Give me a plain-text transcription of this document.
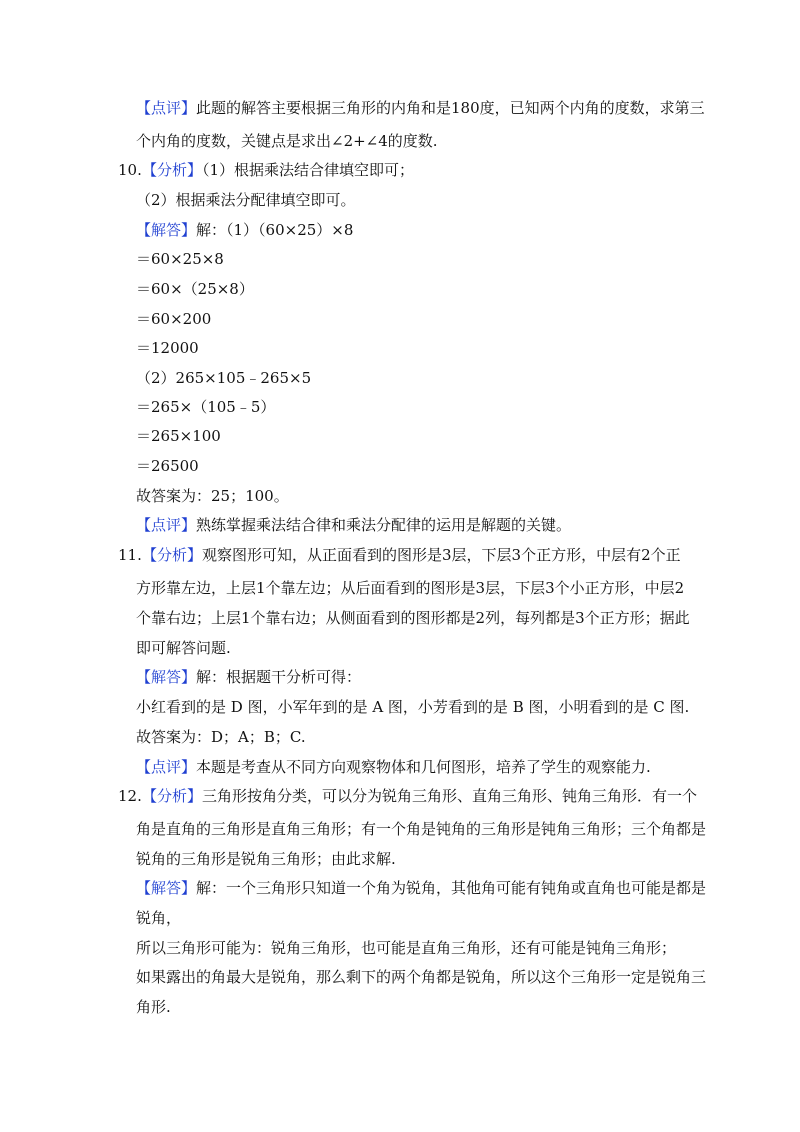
【点评】此题的解答主要根据三角形的内角和是180度，已知两个内角的度数，求第三
个内角的度数，关键点是求出∠2+∠4的度数.
10. 【分析】（1）根据乘法结合律填空即可；
（2）根据乘法分配律填空即可。
【解答】解：（1）（60×25）×8
＝60×25×8
＝60×（25×8）
＝60×200
＝12000
（2）265×105﹣265×5
＝265×（105﹣5）
＝265×100
＝26500
故答案为：25；100。
【点评】熟练掌握乘法结合律和乘法分配律的运用是解题的关键。
11. 【分析】观察图形可知，从正面看到的图形是3层，下层3个正方形，中层有2个正
方形靠左边，上层1个靠左边；从后面看到的图形是3层，下层3个小正方形，中层2
个靠右边；上层1个靠右边；从侧面看到的图形都是2列，每列都是3个正方形；据此
即可解答问题.
【解答】解：根据题干分析可得：
小红看到的是 D 图，小军年到的是 A 图，小芳看到的是 B 图，小明看到的是 C 图.
故答案为：D；A；B；C.
【点评】本题是考查从不同方向观察物体和几何图形，培养了学生的观察能力.
12. 【分析】三角形按角分类，可以分为锐角三角形、直角三角形、钝角三角形．有一个
角是直角的三角形是直角三角形；有一个角是钝角的三角形是钝角三角形；三个角都是
锐角的三角形是锐角三角形；由此求解.
【解答】解：一个三角形只知道一个角为锐角，其他角可能有钝角或直角也可能是都是
锐角，
所以三角形可能为：锐角三角形，也可能是直角三角形，还有可能是钝角三角形；
如果露出的角最大是锐角，那么剩下的两个角都是锐角，所以这个三角形一定是锐角三
角形.
